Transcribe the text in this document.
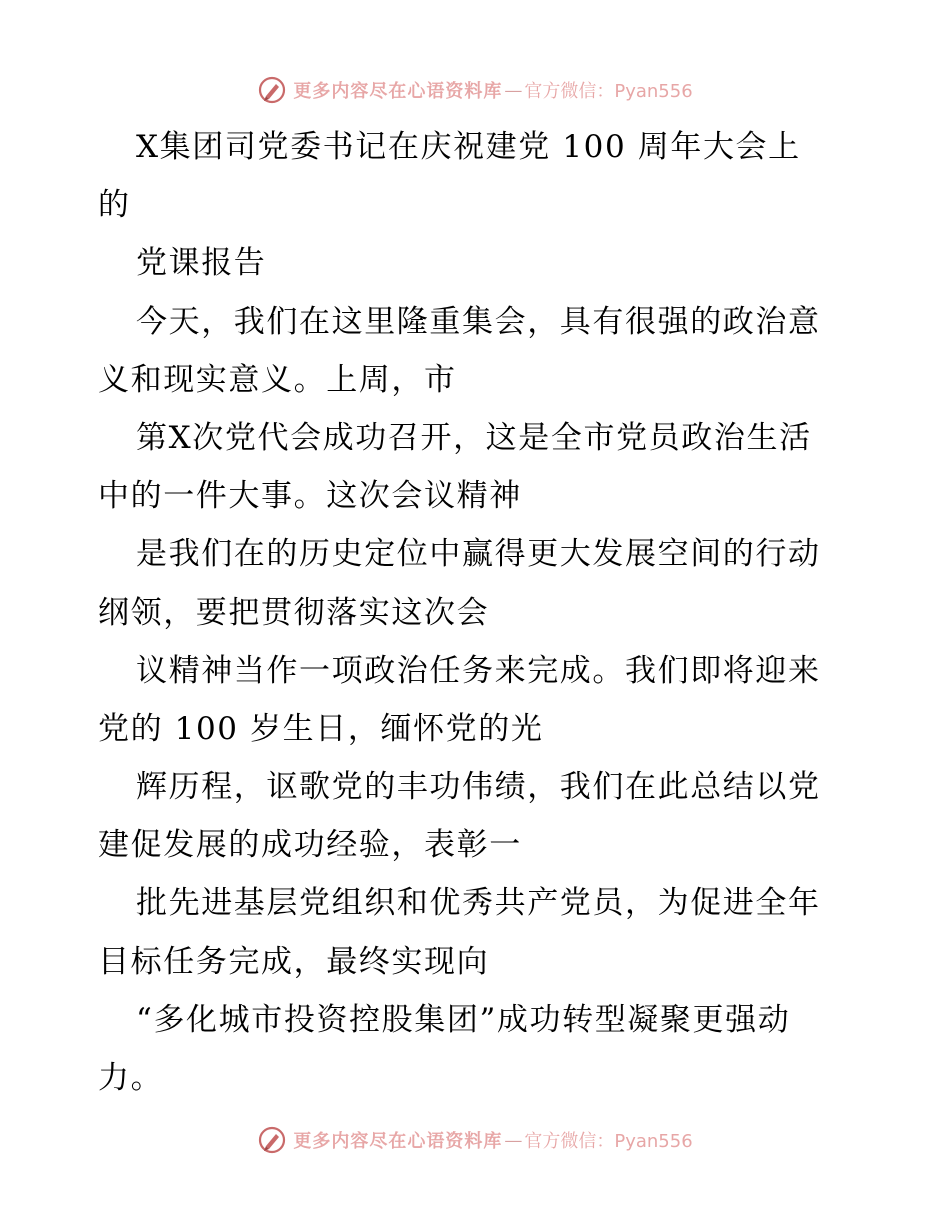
更多内容尽在心语资料库 — 官方微信：Pyan556
X集团司党委书记在庆祝建党 100 周年大会上
的
党课报告
今天，我们在这里隆重集会，具有很强的政治意
义和现实意义。上周，市
第X次党代会成功召开，这是全市党员政治生活
中的一件大事。这次会议精神
是我们在的历史定位中赢得更大发展空间的行动
纲领，要把贯彻落实这次会
议精神当作一项政治任务来完成。我们即将迎来
党的 100 岁生日，缅怀党的光
辉历程，讴歌党的丰功伟绩，我们在此总结以党
建促发展的成功经验，表彰一
批先进基层党组织和优秀共产党员，为促进全年
目标任务完成，最终实现向
“多化城市投资控股集团”成功转型凝聚更强动
力。
更多内容尽在心语资料库 — 官方微信：Pyan556
